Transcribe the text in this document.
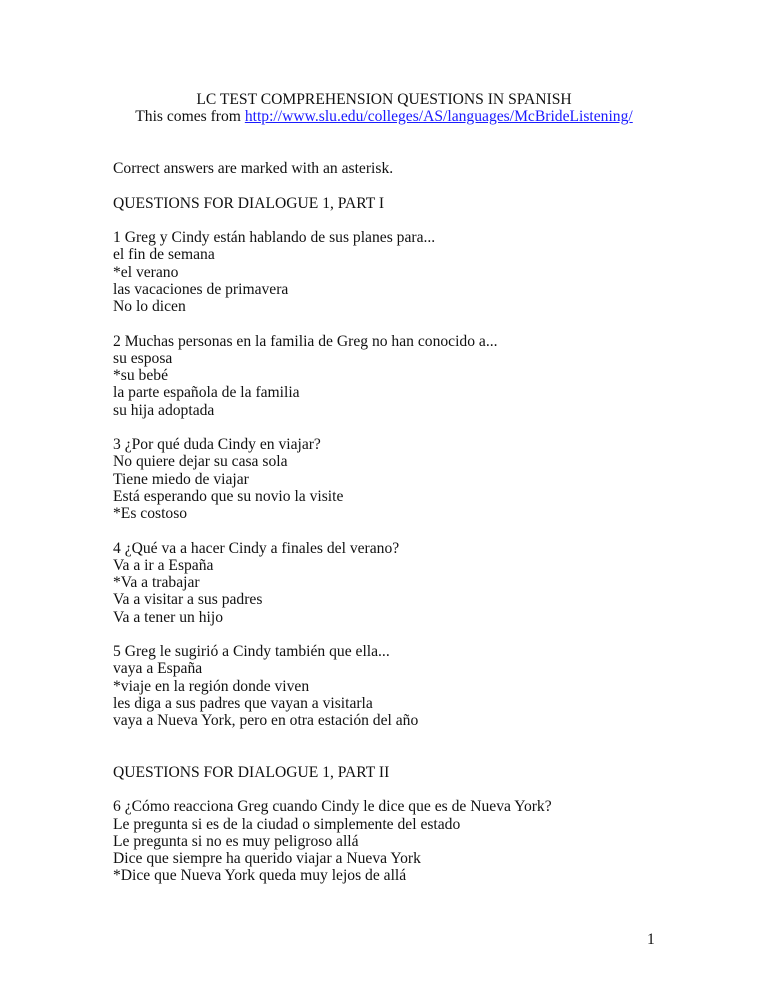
LC TEST COMPREHENSION QUESTIONS IN SPANISH
This comes from http://www.slu.edu/colleges/AS/languages/McBrideListening/
Correct answers are marked with an asterisk.
QUESTIONS FOR DIALOGUE 1, PART I
1 Greg y Cindy están hablando de sus planes para...
el fin de semana
*el verano
las vacaciones de primavera
No lo dicen
2 Muchas personas en la familia de Greg no han conocido a...
su esposa
*su bebé
la parte española de la familia
su hija adoptada
3 ¿Por qué duda Cindy en viajar?
No quiere dejar su casa sola
Tiene miedo de viajar
Está esperando que su novio la visite
*Es costoso
4 ¿Qué va a hacer Cindy a finales del verano?
Va a ir a España
*Va a trabajar
Va a visitar a sus padres
Va a tener un hijo
5 Greg le sugirió a Cindy también que ella...
vaya a España
*viaje en la región donde viven
les diga a sus padres que vayan a visitarla
vaya a Nueva York, pero en otra estación del año
QUESTIONS FOR DIALOGUE 1, PART II
6 ¿Cómo reacciona Greg cuando Cindy le dice que es de Nueva York?
Le pregunta si es de la ciudad o simplemente del estado
Le pregunta si no es muy peligroso allá
Dice que siempre ha querido viajar a Nueva York
*Dice que Nueva York queda muy lejos de allá
1
